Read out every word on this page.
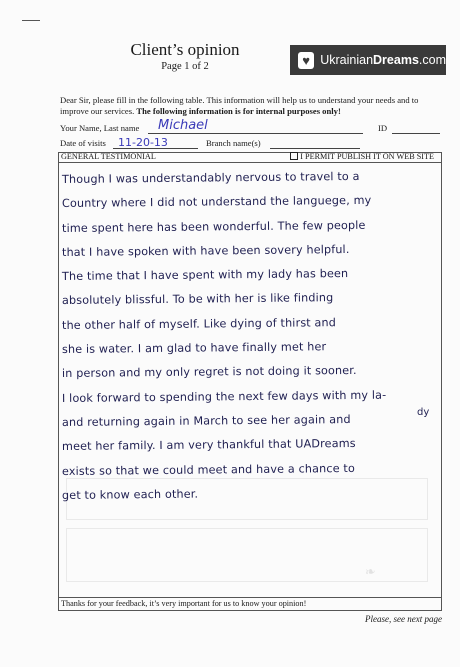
Client’s opinion
Page 1 of 2	♥ Ukrainian Dreams .com
Dear Sir, please fill in the following table. This information will help us to understand your needs and to
improve our services. The following information is for internal purposes only!
Your Name, Last name Michael	ID
Date of visits 11-20-13	Branch name(s)
GENERAL TESTIMONIAL	I PERMIT PUBLISH IT ON WEB SITE
❧
Though I was understandably nervous to travel to a
Country where I did not understand the languege, my
time spent here has been wonderful. The few people
that I have spoken with have been sovery helpful.
The time that I have spent with my lady has been
absolutely blissful. To be with her is like finding
the other half of myself. Like dying of thirst and
she is water. I am glad to have finally met her
in person and my only regret is not doing it sooner.
I look forward to spending the next few days with my la-
and returning again in March to see her again and
meet her family. I am very thankful that UADreams
exists so that we could meet and have a chance to
get to know each other.
dy
Thanks for your feedback, it’s very important for us to know your opinion!
Please, see next page
